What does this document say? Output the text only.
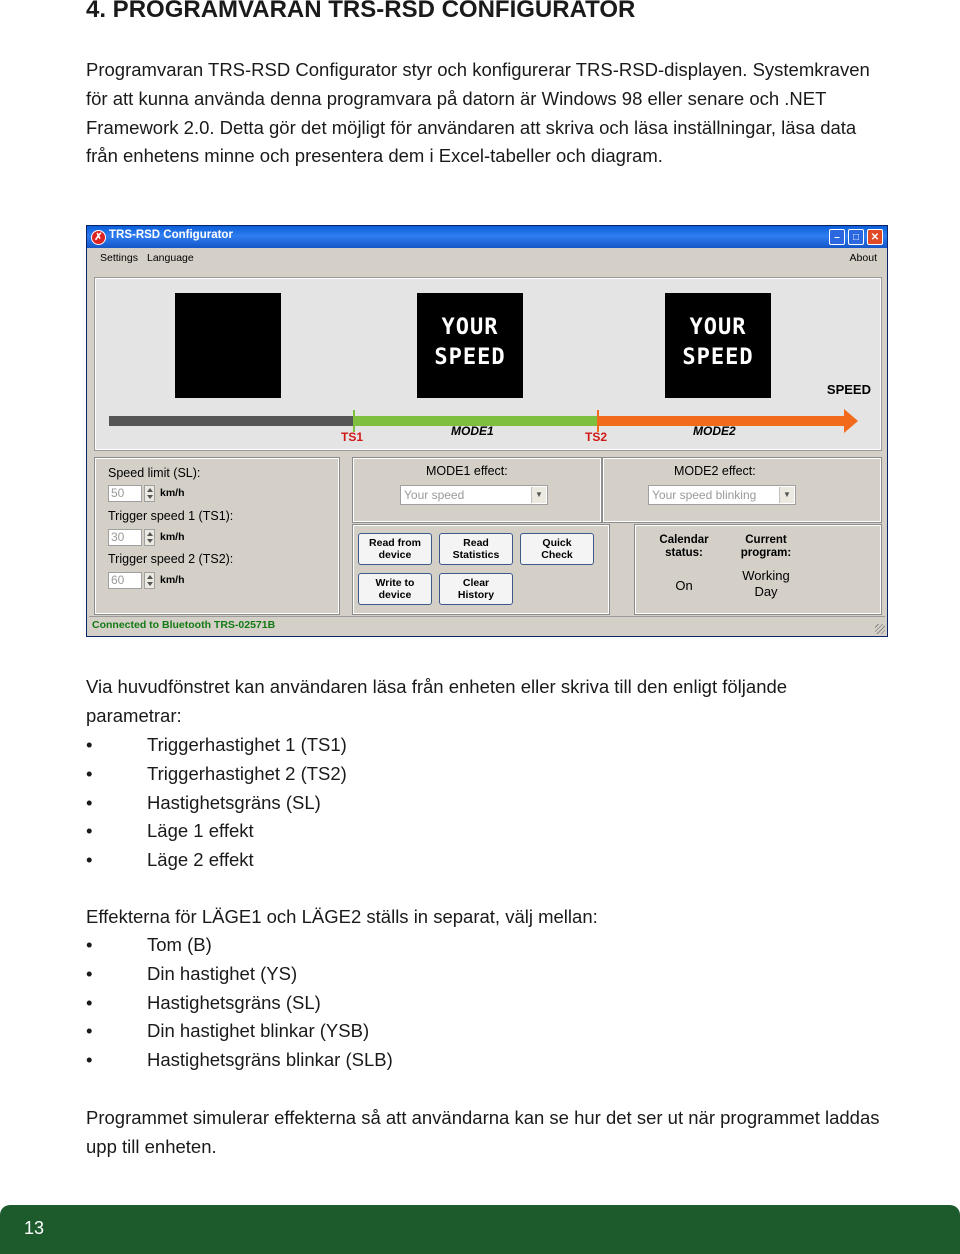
4. PROGRAMVARAN TRS-RSD CONFIGURATOR

Programvaran TRS-RSD Configurator styr och konfigurerar TRS-RSD-displayen. Systemkraven för att kunna använda denna programvara på datorn är Windows 98 eller senare och .NET Framework 2.0. Detta gör det möjligt för användaren att skriva och läsa inställningar, läsa data från enhetens minne och presentera dem i Excel-tabeller och diagram.

✗ TRS-RSD Configurator	–	□	✕
Settings Language	About
YOUR
SPEED
YOUR
SPEED
SPEED
TS1	MODE1	TS2	MODE2
Speed limit (SL):
50	km/h
Trigger speed 1 (TS1):
30	km/h
Trigger speed 2 (TS2):
60	km/h
MODE1 effect:
Your speed	▼
MODE2 effect:
Your speed blinking	▼
Read from
device
Read
Statistics
Quick
Check
Write to
device
Clear
History
Calendar
status:
On
Current
program:
Working
Day
Connected to Bluetooth TRS-02571B

Via huvudfönstret kan användaren läsa från enheten eller skriva till den enligt följande parametrar:

•	Triggerhastighet 1 (TS1)
•	Triggerhastighet 2 (TS2)
•	Hastighetsgräns (SL)
•	Läge 1 effekt
•	Läge 2 effekt

Effekterna för LÄGE1 och LÄGE2 ställs in separat, välj mellan:

•	Tom (B)
•	Din hastighet (YS)
•	Hastighetsgräns (SL)
•	Din hastighet blinkar (YSB)
•	Hastighetsgräns blinkar (SLB)

Programmet simulerar effekterna så att användarna kan se hur det ser ut när programmet laddas upp till enheten.

13
